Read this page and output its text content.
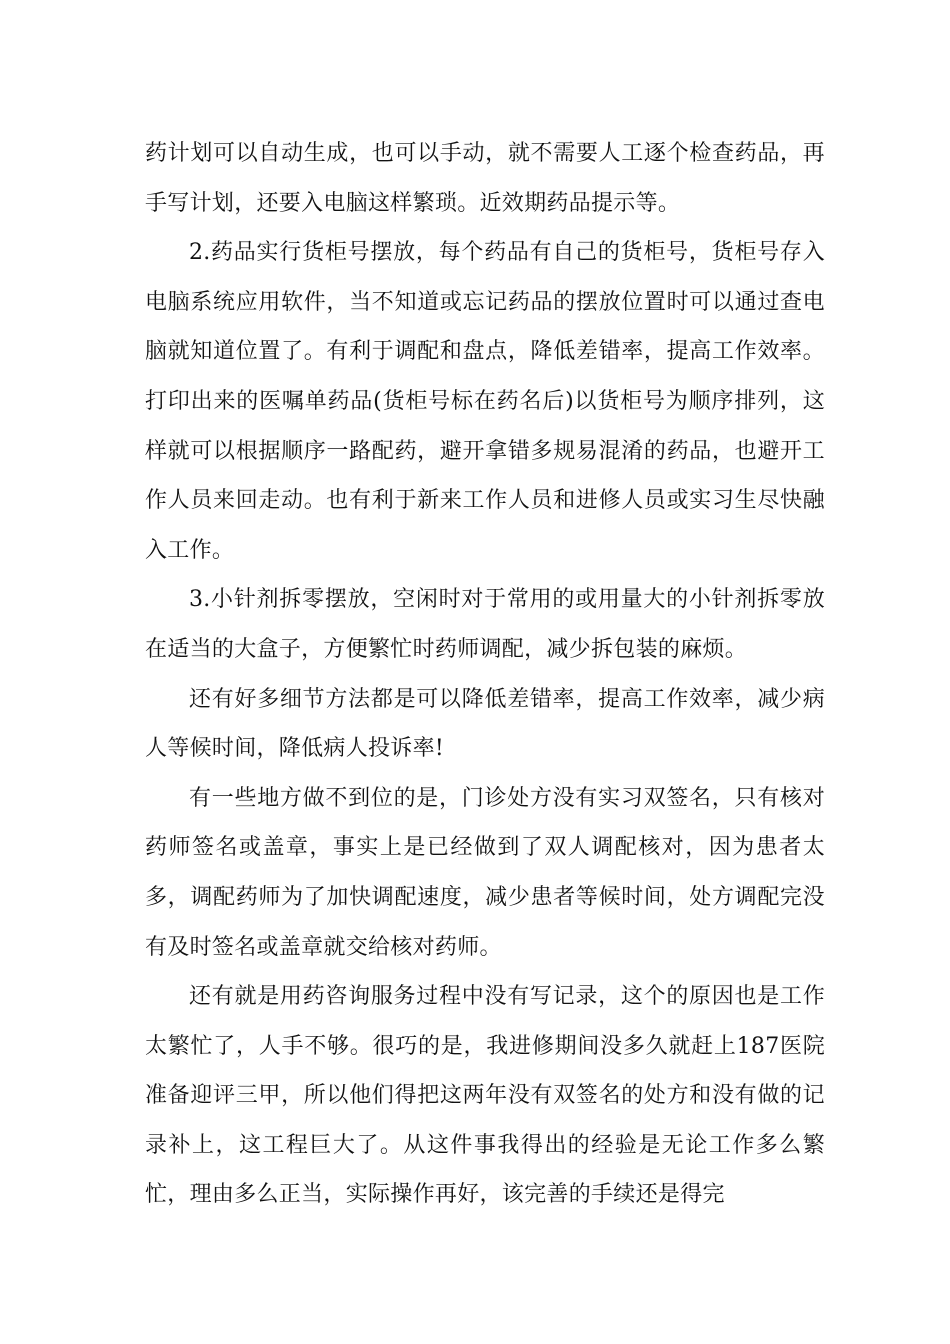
药计划可以自动生成，也可以手动，就不需要人工逐个检查药品，再手写计划，还要入电脑这样繁琐。近效期药品提示等。

2.药品实行货柜号摆放，每个药品有自己的货柜号，货柜号存入电脑系统应用软件，当不知道或忘记药品的摆放位置时可以通过查电脑就知道位置了。有利于调配和盘点，降低差错率，提高工作效率。打印出来的医嘱单药品(货柜号标在药名后)以货柜号为顺序排列，这样就可以根据顺序一路配药，避开拿错多规易混淆的药品，也避开工作人员来回走动。也有利于新来工作人员和进修人员或实习生尽快融入工作。

3.小针剂拆零摆放，空闲时对于常用的或用量大的小针剂拆零放在适当的大盒子，方便繁忙时药师调配，减少拆包装的麻烦。

还有好多细节方法都是可以降低差错率，提高工作效率，减少病人等候时间，降低病人投诉率!

有一些地方做不到位的是，门诊处方没有实习双签名，只有核对药师签名或盖章，事实上是已经做到了双人调配核对，因为患者太多，调配药师为了加快调配速度，减少患者等候时间，处方调配完没有及时签名或盖章就交给核对药师。

还有就是用药咨询服务过程中没有写记录，这个的原因也是工作太繁忙了，人手不够。很巧的是，我进修期间没多久就赶上187医院准备迎评三甲，所以他们得把这两年没有双签名的处方和没有做的记录补上，这工程巨大了。从这件事我得出的经验是无论工作多么繁忙，理由多么正当，实际操作再好，该完善的手续还是得完
